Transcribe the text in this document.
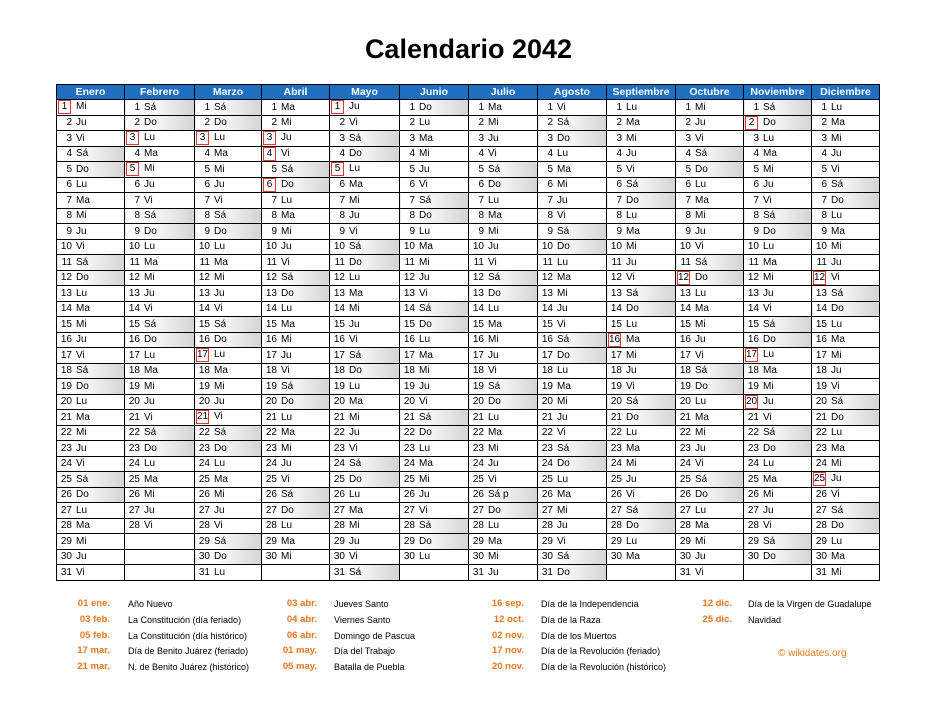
Calendario 2042
Enero	Febrero	Marzo	Abril	Mayo	Junio	Julio	Agosto	Septiembre	Octubre	Noviembre	Diciembre
1 Mi	1 Sá	1 Sá	1 Ma	1 Ju	1 Do	1 Ma	1 Vi	1 Lu	1 Mi	1 Sá	1 Lu
2 Ju	2 Do	2 Do	2 Mi	2 Vi	2 Lu	2 Mi	2 Sá	2 Ma	2 Ju	2 Do	2 Ma
3 Vi	3 Lu	3 Lu	3 Ju	3 Sá	3 Ma	3 Ju	3 Do	3 Mi	3 Vi	3 Lu	3 Mi
4 Sá	4 Ma	4 Ma	4 Vi	4 Do	4 Mi	4 Vi	4 Lu	4 Ju	4 Sá	4 Ma	4 Ju
5 Do	5 Mi	5 Mi	5 Sá	5 Lu	5 Ju	5 Sá	5 Ma	5 Vi	5 Do	5 Mi	5 Vi
6 Lu	6 Ju	6 Ju	6 Do	6 Ma	6 Vi	6 Do	6 Mi	6 Sá	6 Lu	6 Ju	6 Sá
7 Ma	7 Vi	7 Vi	7 Lu	7 Mi	7 Sá	7 Lu	7 Ju	7 Do	7 Ma	7 Vi	7 Do
8 Mi	8 Sá	8 Sá	8 Ma	8 Ju	8 Do	8 Ma	8 Vi	8 Lu	8 Mi	8 Sá	8 Lu
9 Ju	9 Do	9 Do	9 Mi	9 Vi	9 Lu	9 Mi	9 Sá	9 Ma	9 Ju	9 Do	9 Ma
10 Vi	10 Lu	10 Lu	10 Ju	10 Sá	10 Ma	10 Ju	10 Do	10 Mi	10 Vi	10 Lu	10 Mi
11 Sá	11 Ma	11 Ma	11 Vi	11 Do	11 Mi	11 Vi	11 Lu	11 Ju	11 Sá	11 Ma	11 Ju
12 Do	12 Mi	12 Mi	12 Sá	12 Lu	12 Ju	12 Sá	12 Ma	12 Vi	12 Do	12 Mi	12 Vi
13 Lu	13 Ju	13 Ju	13 Do	13 Ma	13 Vi	13 Do	13 Mi	13 Sá	13 Lu	13 Ju	13 Sá
14 Ma	14 Vi	14 Vi	14 Lu	14 Mi	14 Sá	14 Lu	14 Ju	14 Do	14 Ma	14 Vi	14 Do
15 Mi	15 Sá	15 Sá	15 Ma	15 Ju	15 Do	15 Ma	15 Vi	15 Lu	15 Mi	15 Sá	15 Lu
16 Ju	16 Do	16 Do	16 Mi	16 Vi	16 Lu	16 Mi	16 Sá	16 Ma	16 Ju	16 Do	16 Ma
17 Vi	17 Lu	17 Lu	17 Ju	17 Sá	17 Ma	17 Ju	17 Do	17 Mi	17 Vi	17 Lu	17 Mi
18 Sá	18 Ma	18 Ma	18 Vi	18 Do	18 Mi	18 Vi	18 Lu	18 Ju	18 Sá	18 Ma	18 Ju
19 Do	19 Mi	19 Mi	19 Sá	19 Lu	19 Ju	19 Sá	19 Ma	19 Vi	19 Do	19 Mi	19 Vi
20 Lu	20 Ju	20 Ju	20 Do	20 Ma	20 Vi	20 Do	20 Mi	20 Sá	20 Lu	20 Ju	20 Sá
21 Ma	21 Vi	21 Vi	21 Lu	21 Mi	21 Sá	21 Lu	21 Ju	21 Do	21 Ma	21 Vi	21 Do
22 Mi	22 Sá	22 Sá	22 Ma	22 Ju	22 Do	22 Ma	22 Vi	22 Lu	22 Mi	22 Sá	22 Lu
23 Ju	23 Do	23 Do	23 Mi	23 Vi	23 Lu	23 Mi	23 Sá	23 Ma	23 Ju	23 Do	23 Ma
24 Vi	24 Lu	24 Lu	24 Ju	24 Sá	24 Ma	24 Ju	24 Do	24 Mi	24 Vi	24 Lu	24 Mi
25 Sá	25 Ma	25 Ma	25 Vi	25 Do	25 Mi	25 Vi	25 Lu	25 Ju	25 Sá	25 Ma	25 Ju
26 Do	26 Mi	26 Mi	26 Sá	26 Lu	26 Ju	26 Sá p	26 Ma	26 Vi	26 Do	26 Mi	26 Vi
27 Lu	27 Ju	27 Ju	27 Do	27 Ma	27 Vi	27 Do	27 Mi	27 Sá	27 Lu	27 Ju	27 Sá
28 Ma	28 Vi	28 Vi	28 Lu	28 Mi	28 Sá	28 Lu	28 Ju	28 Do	28 Ma	28 Vi	28 Do
29 Mi		29 Sá	29 Ma	29 Ju	29 Do	29 Ma	29 Vi	29 Lu	29 Mi	29 Sá	29 Lu
30 Ju		30 Do	30 Mi	30 Vi	30 Lu	30 Mi	30 Sá	30 Ma	30 Ju	30 Do	30 Ma
31 Vi		31 Lu		31 Sá		31 Ju	31 Do		31 Vi		31 Mi
01 ene. Año Nuevo
03 feb. La Constitución (día feriado)
05 feb. La Constitución (día histórico)
17 mar. Día de Benito Juárez (feriado)
21 mar. N. de Benito Juárez (histórico)
03 abr. Jueves Santo
04 abr. Viernes Santo
06 abr. Domingo de Pascua
01 may. Día del Trabajo
05 may. Batalla de Puebla
16 sep. Día de la Independencia
12 oct. Día de la Raza
02 nov. Día de los Muertos
17 nov. Día de la Revolución (feriado)
20 nov. Día de la Revolución (histórico)
12 dic. Día de la Virgen de Guadalupe
25 dic. Navidad
© wikidates.org
